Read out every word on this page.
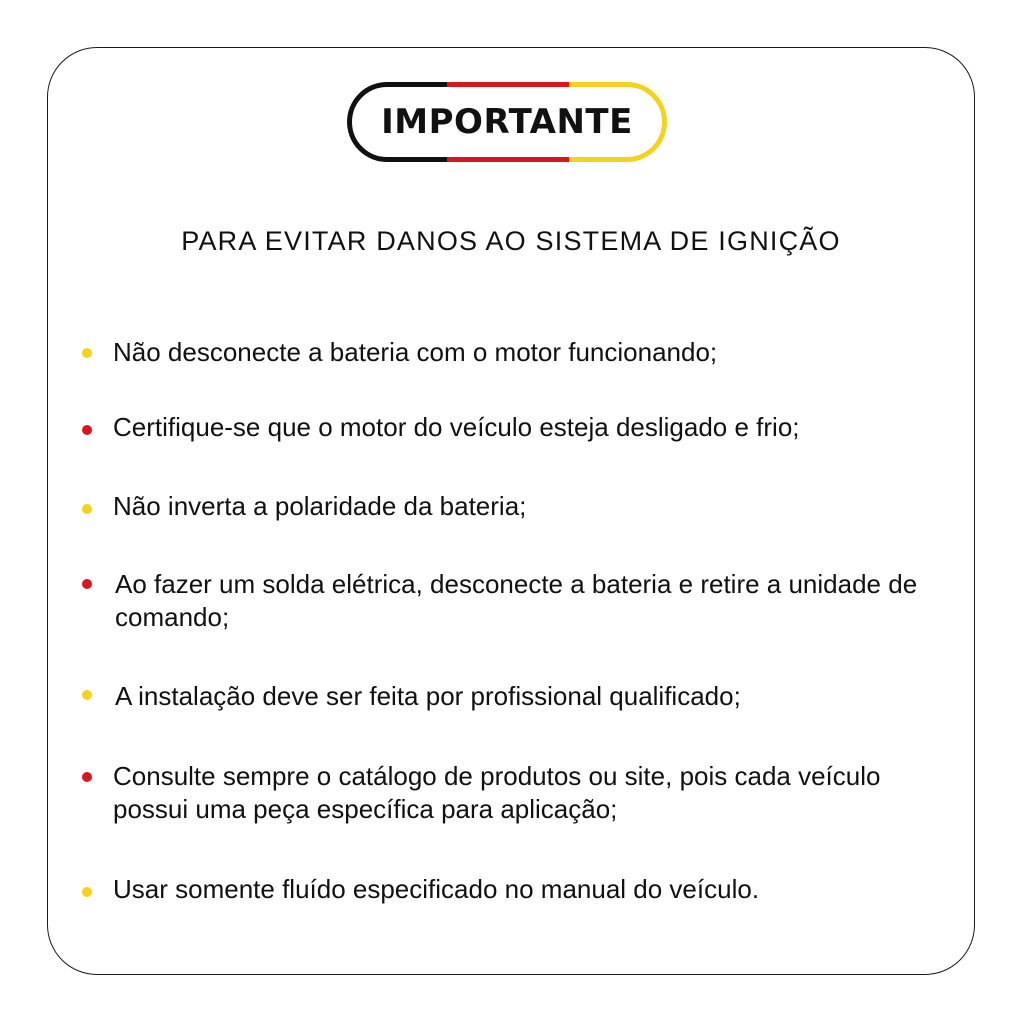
IMPORTANTE
PARA EVITAR DANOS AO SISTEMA DE IGNIÇÃO
Não desconecte a bateria com o motor funcionando;
Certifique-se que o motor do veículo esteja desligado e frio;
Não inverta a polaridade da bateria;
Ao fazer um solda elétrica, desconecte a bateria e retire a unidade de comando;
A instalação deve ser feita por profissional qualificado;
Consulte sempre o catálogo de produtos ou site, pois cada veículo possui uma peça específica para aplicação;
Usar somente fluído especificado no manual do veículo.
